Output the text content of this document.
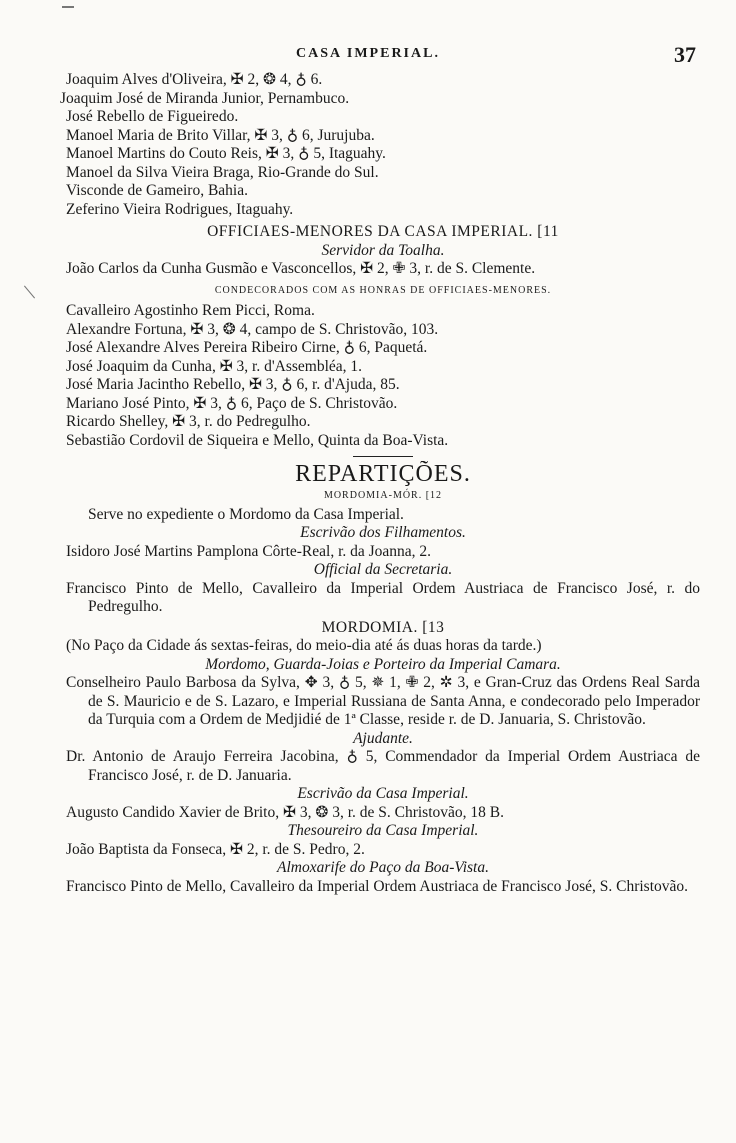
CASA IMPERIAL.	37
Joaquim Alves d'Oliveira, ✠ 2, ❂ 4, ♁ 6.
Joaquim José de Miranda Junior, Pernambuco.
José Rebello de Figueiredo.
Manoel Maria de Brito Villar, ✠ 3, ♁ 6, Jurujuba.
Manoel Martins do Couto Reis, ✠ 3, ♁ 5, Itaguahy.
Manoel da Silva Vieira Braga, Rio-Grande do Sul.
Visconde de Gameiro, Bahia.
Zeferino Vieira Rodrigues, Itaguahy.
OFFICIAES-MENORES DA CASA IMPERIAL. [11
Servidor da Toalha.
João Carlos da Cunha Gusmão e Vasconcellos, ✠ 2, ✙ 3, r. de S. Clemente.
CONDECORADOS COM AS HONRAS DE OFFICIAES-MENORES.
Cavalleiro Agostinho Rem Picci, Roma.
Alexandre Fortuna, ✠ 3, ❂ 4, campo de S. Christovão, 103.
José Alexandre Alves Pereira Ribeiro Cirne, ♁ 6, Paquetá.
José Joaquim da Cunha, ✠ 3, r. d'Assembléa, 1.
José Maria Jacintho Rebello, ✠ 3, ♁ 6, r. d'Ajuda, 85.
Mariano José Pinto, ✠ 3, ♁ 6, Paço de S. Christovão.
Ricardo Shelley, ✠ 3, r. do Pedregulho.
Sebastião Cordovil de Siqueira e Mello, Quinta da Boa-Vista.
REPARTIÇÕES.
MORDOMIA-MÓR. [12
Serve no expediente o Mordomo da Casa Imperial.
Escrivão dos Filhamentos.
Isidoro José Martins Pamplona Côrte-Real, r. da Joanna, 2.
Official da Secretaria.
Francisco Pinto de Mello, Cavalleiro da Imperial Ordem Austriaca de Francisco José, r. do Pedregulho.
MORDOMIA. [13
(No Paço da Cidade ás sextas-feiras, do meio-dia até ás duas horas da tarde.)
Mordomo, Guarda-Joias e Porteiro da Imperial Camara.
Conselheiro Paulo Barbosa da Sylva, ✥ 3, ♁ 5, ✵ 1, ✙ 2, ✲ 3, e Gran-Cruz das Ordens Real Sarda de S. Mauricio e de S. Lazaro, e Imperial Russiana de Santa Anna, e condecorado pelo Imperador da Turquia com a Ordem de Medjidié de 1ª Classe, reside r. de D. Januaria, S. Christovão.
Ajudante.
Dr. Antonio de Araujo Ferreira Jacobina, ♁ 5, Commendador da Imperial Ordem Austriaca de Francisco José, r. de D. Januaria.
Escrivão da Casa Imperial.
Augusto Candido Xavier de Brito, ✠ 3, ❂ 3, r. de S. Christovão, 18 B.
Thesoureiro da Casa Imperial.
João Baptista da Fonseca, ✠ 2, r. de S. Pedro, 2.
Almoxarife do Paço da Boa-Vista.
Francisco Pinto de Mello, Cavalleiro da Imperial Ordem Austriaca de Francisco José, S. Christovão.
